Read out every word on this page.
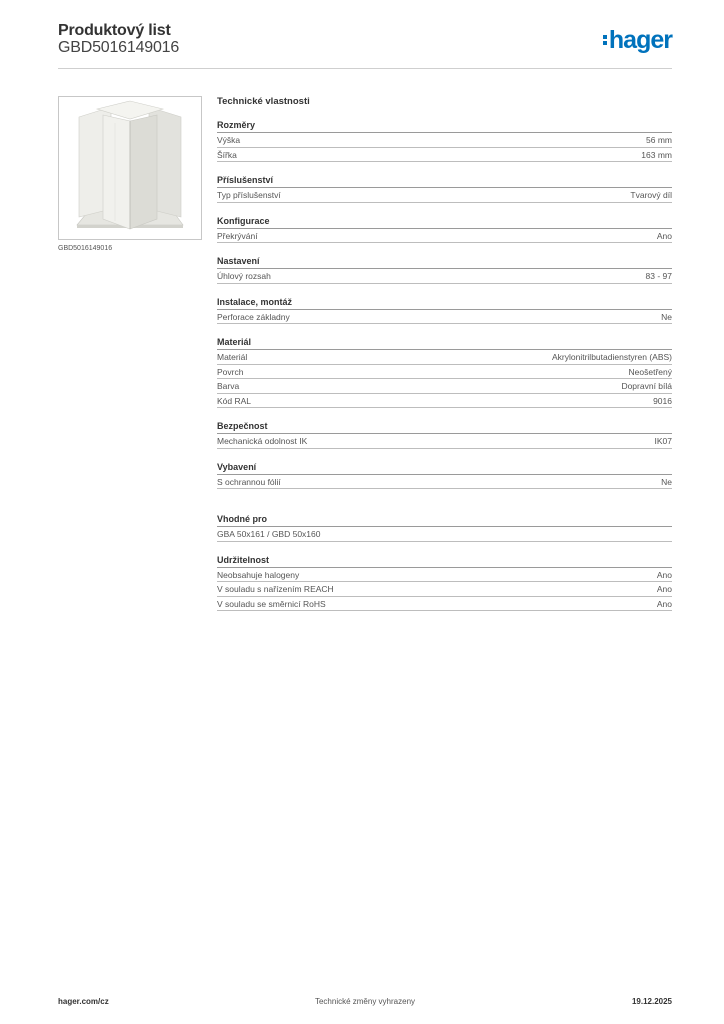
Produktový list
GBD5016149016	hager
GBD5016149016
Technické vlastnosti
Rozměry
Výška	56 mm
Šířka	163 mm
Příslušenství
Typ příslušenství	Tvarový díl
Konfigurace
Překrývání	Ano
Nastavení
Úhlový rozsah	83 - 97
Instalace, montáž
Perforace základny	Ne
Materiál
Materiál	Akrylonitrilbutadienstyren (ABS)
Povrch	Neošetřený
Barva	Dopravní bílá
Kód RAL	9016
Bezpečnost
Mechanická odolnost IK	IK07
Vybavení
S ochrannou fólií	Ne
Vhodné pro
GBA 50x161 / GBD 50x160
Udržitelnost
Neobsahuje halogeny	Ano
V souladu s nařízením REACH	Ano
V souladu se směrnicí RoHS	Ano
hager.com/cz	Technické změny vyhrazeny	19.12.2025
